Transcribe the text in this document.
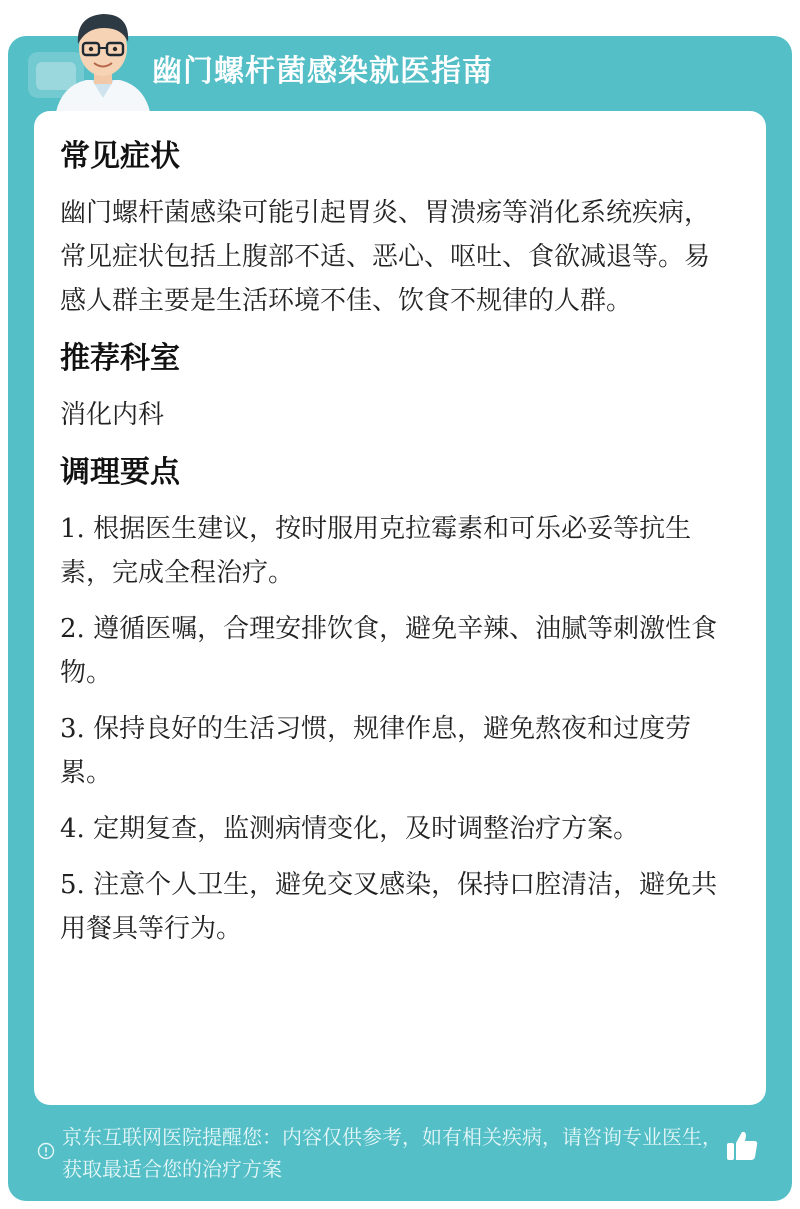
幽门螺杆菌感染就医指南
常见症状

幽门螺杆菌感染可能引起胃炎、胃溃疡等消化系统疾病，常见症状包括上腹部不适、恶心、呕吐、食欲减退等。易感人群主要是生活环境不佳、饮食不规律的人群。

推荐科室

消化内科

调理要点
1. 根据医生建议，按时服用克拉霉素和可乐必妥等抗生素，完成全程治疗。
2. 遵循医嘱，合理安排饮食，避免辛辣、油腻等刺激性食物。
3. 保持良好的生活习惯，规律作息，避免熬夜和过度劳累。
4. 定期复查，监测病情变化，及时调整治疗方案。
5. 注意个人卫生，避免交叉感染，保持口腔清洁，避免共用餐具等行为。
京东互联网医院提醒您：内容仅供参考，如有相关疾病，请咨询专业医生，获取最适合您的治疗方案
